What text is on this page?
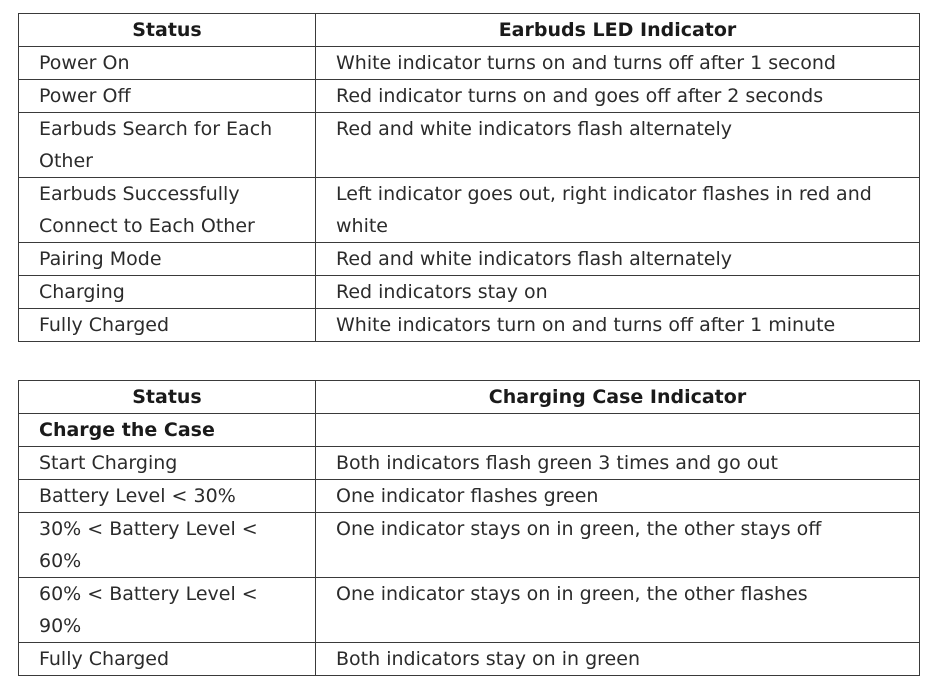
Status	Earbuds LED Indicator
Power On	White indicator turns on and turns off after 1 second
Power Off	Red indicator turns on and goes off after 2 seconds
Earbuds Search for Each Other	Red and white indicators flash alternately
Earbuds Successfully Connect to Each Other	Left indicator goes out, right indicator flashes in red and white
Pairing Mode	Red and white indicators flash alternately
Charging	Red indicators stay on
Fully Charged	White indicators turn on and turns off after 1 minute
Status	Charging Case Indicator
Charge the Case	
Start Charging	Both indicators flash green 3 times and go out
Battery Level < 30%	One indicator flashes green
30% < Battery Level < 60%	One indicator stays on in green, the other stays off
60% < Battery Level < 90%	One indicator stays on in green, the other flashes
Fully Charged	Both indicators stay on in green
